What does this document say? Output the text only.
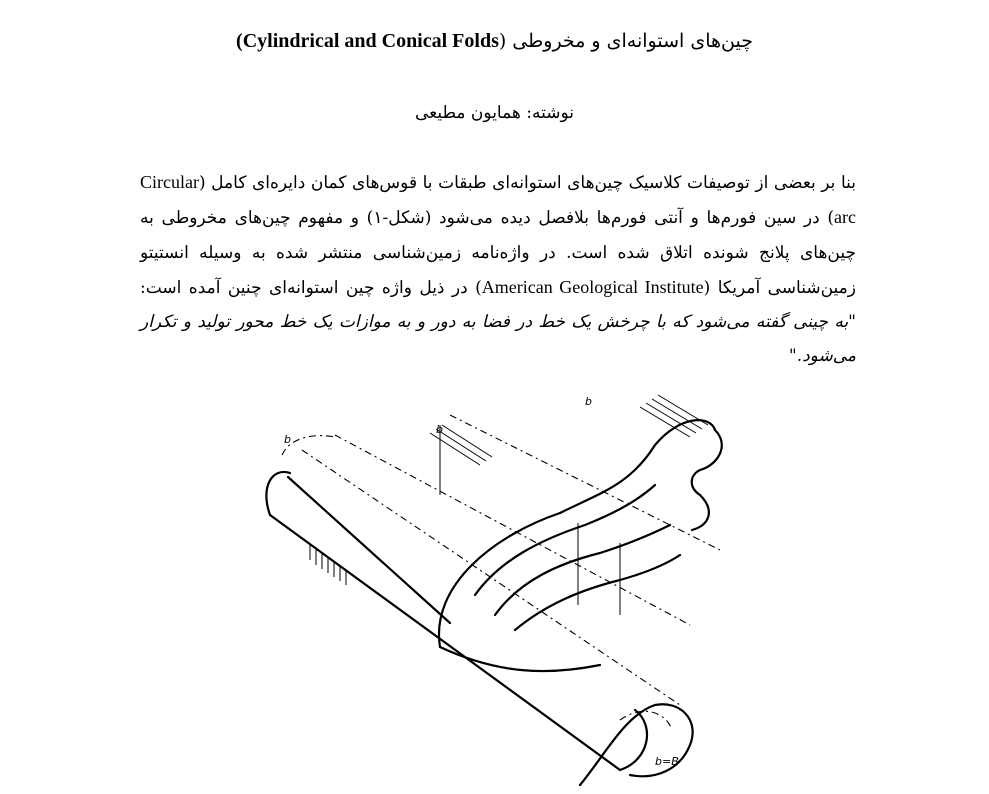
چین‌های استوانه‌ای و مخروطی (Cylindrical and Conical Folds)
نوشته: همایون مطیعی
بنا بر بعضی از توصیفات کلاسیک چین‌های استوانه‌ای طبقات با قوس‌های کمان دایره‌ای کامل (Circular arc) در سین فورم‌ها و آنتی فورم‌ها بلافصل دیده می‌شود (شکل-۱) و مفهوم چین‌های مخروطی به چین‌های پلانج شونده اتلاق شده است. در واژه‌نامه زمین‌شناسی منتشر شده به وسیله انستیتو زمین‌شناسی آمریکا (American Geological Institute) در ذیل واژه چین استوانه‌ای چنین آمده است: "به چینی گفته می‌شود که با چرخش یک خط در فضا به دور و به موازات یک خط محور تولید و تکرار می‌شود."
b
b
b
b=B
